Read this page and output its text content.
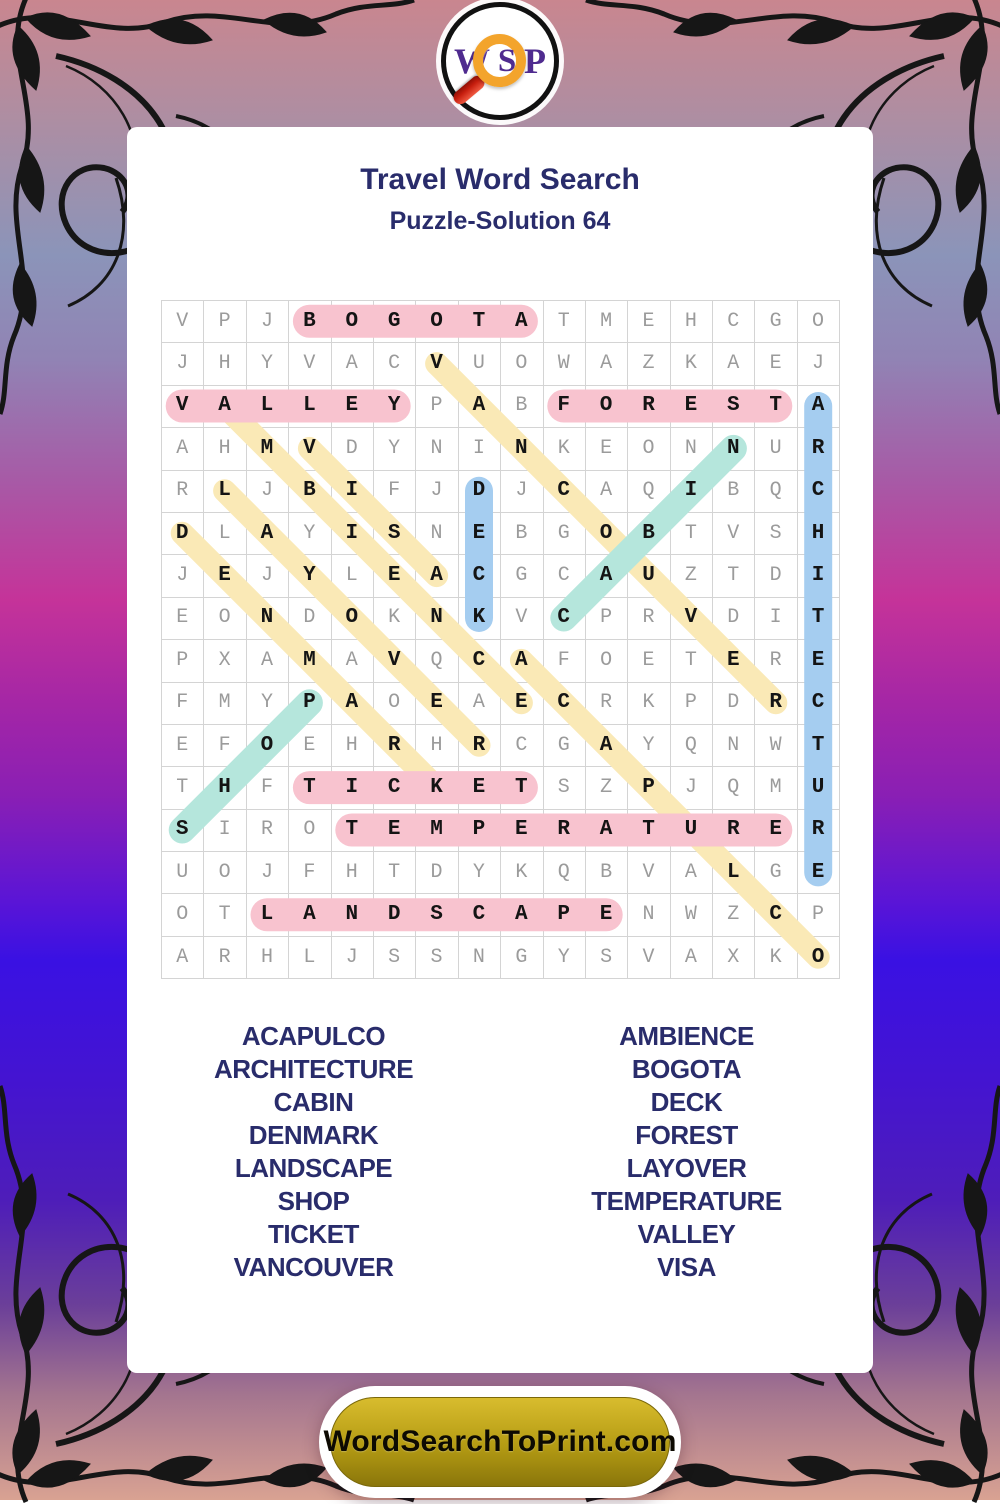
W S P
Travel Word Search
Puzzle-Solution 64
V	P	J	B	O	G	O	T	A	T	M	E	H	C	G	O
J	H	Y	V	A	C	V	U	O	W	A	Z	K	A	E	J
V	A	L	L	E	Y	P	A	B	F	O	R	E	S	T	A
A	H	M	V	D	Y	N	I	N	K	E	O	N	N	U	R
R	L	J	B	I	F	J	D	J	C	A	Q	I	B	Q	C
D	L	A	Y	I	S	N	E	B	G	O	B	T	V	S	H
J	E	J	Y	L	E	A	C	G	C	A	U	Z	T	D	I
E	O	N	D	O	K	N	K	V	C	P	R	V	D	I	T
P	X	A	M	A	V	Q	C	A	F	O	E	T	E	R	E
F	M	Y	P	A	O	E	A	E	C	R	K	P	D	R	C
E	F	O	E	H	R	H	R	C	G	A	Y	Q	N	W	T
T	H	F	T	I	C	K	E	T	S	Z	P	J	Q	M	U
S	I	R	O	T	E	M	P	E	R	A	T	U	R	E	R
U	O	J	F	H	T	D	Y	K	Q	B	V	A	L	G	E
O	T	L	A	N	D	S	C	A	P	E	N	W	Z	C	P
A	R	H	L	J	S	S	N	G	Y	S	V	A	X	K	O
ACAPULCO
ARCHITECTURE
CABIN
DENMARK
LANDSCAPE
SHOP
TICKET
VANCOUVER
AMBIENCE
BOGOTA
DECK
FOREST
LAYOVER
TEMPERATURE
VALLEY
VISA
WordSearchToPrint.com
